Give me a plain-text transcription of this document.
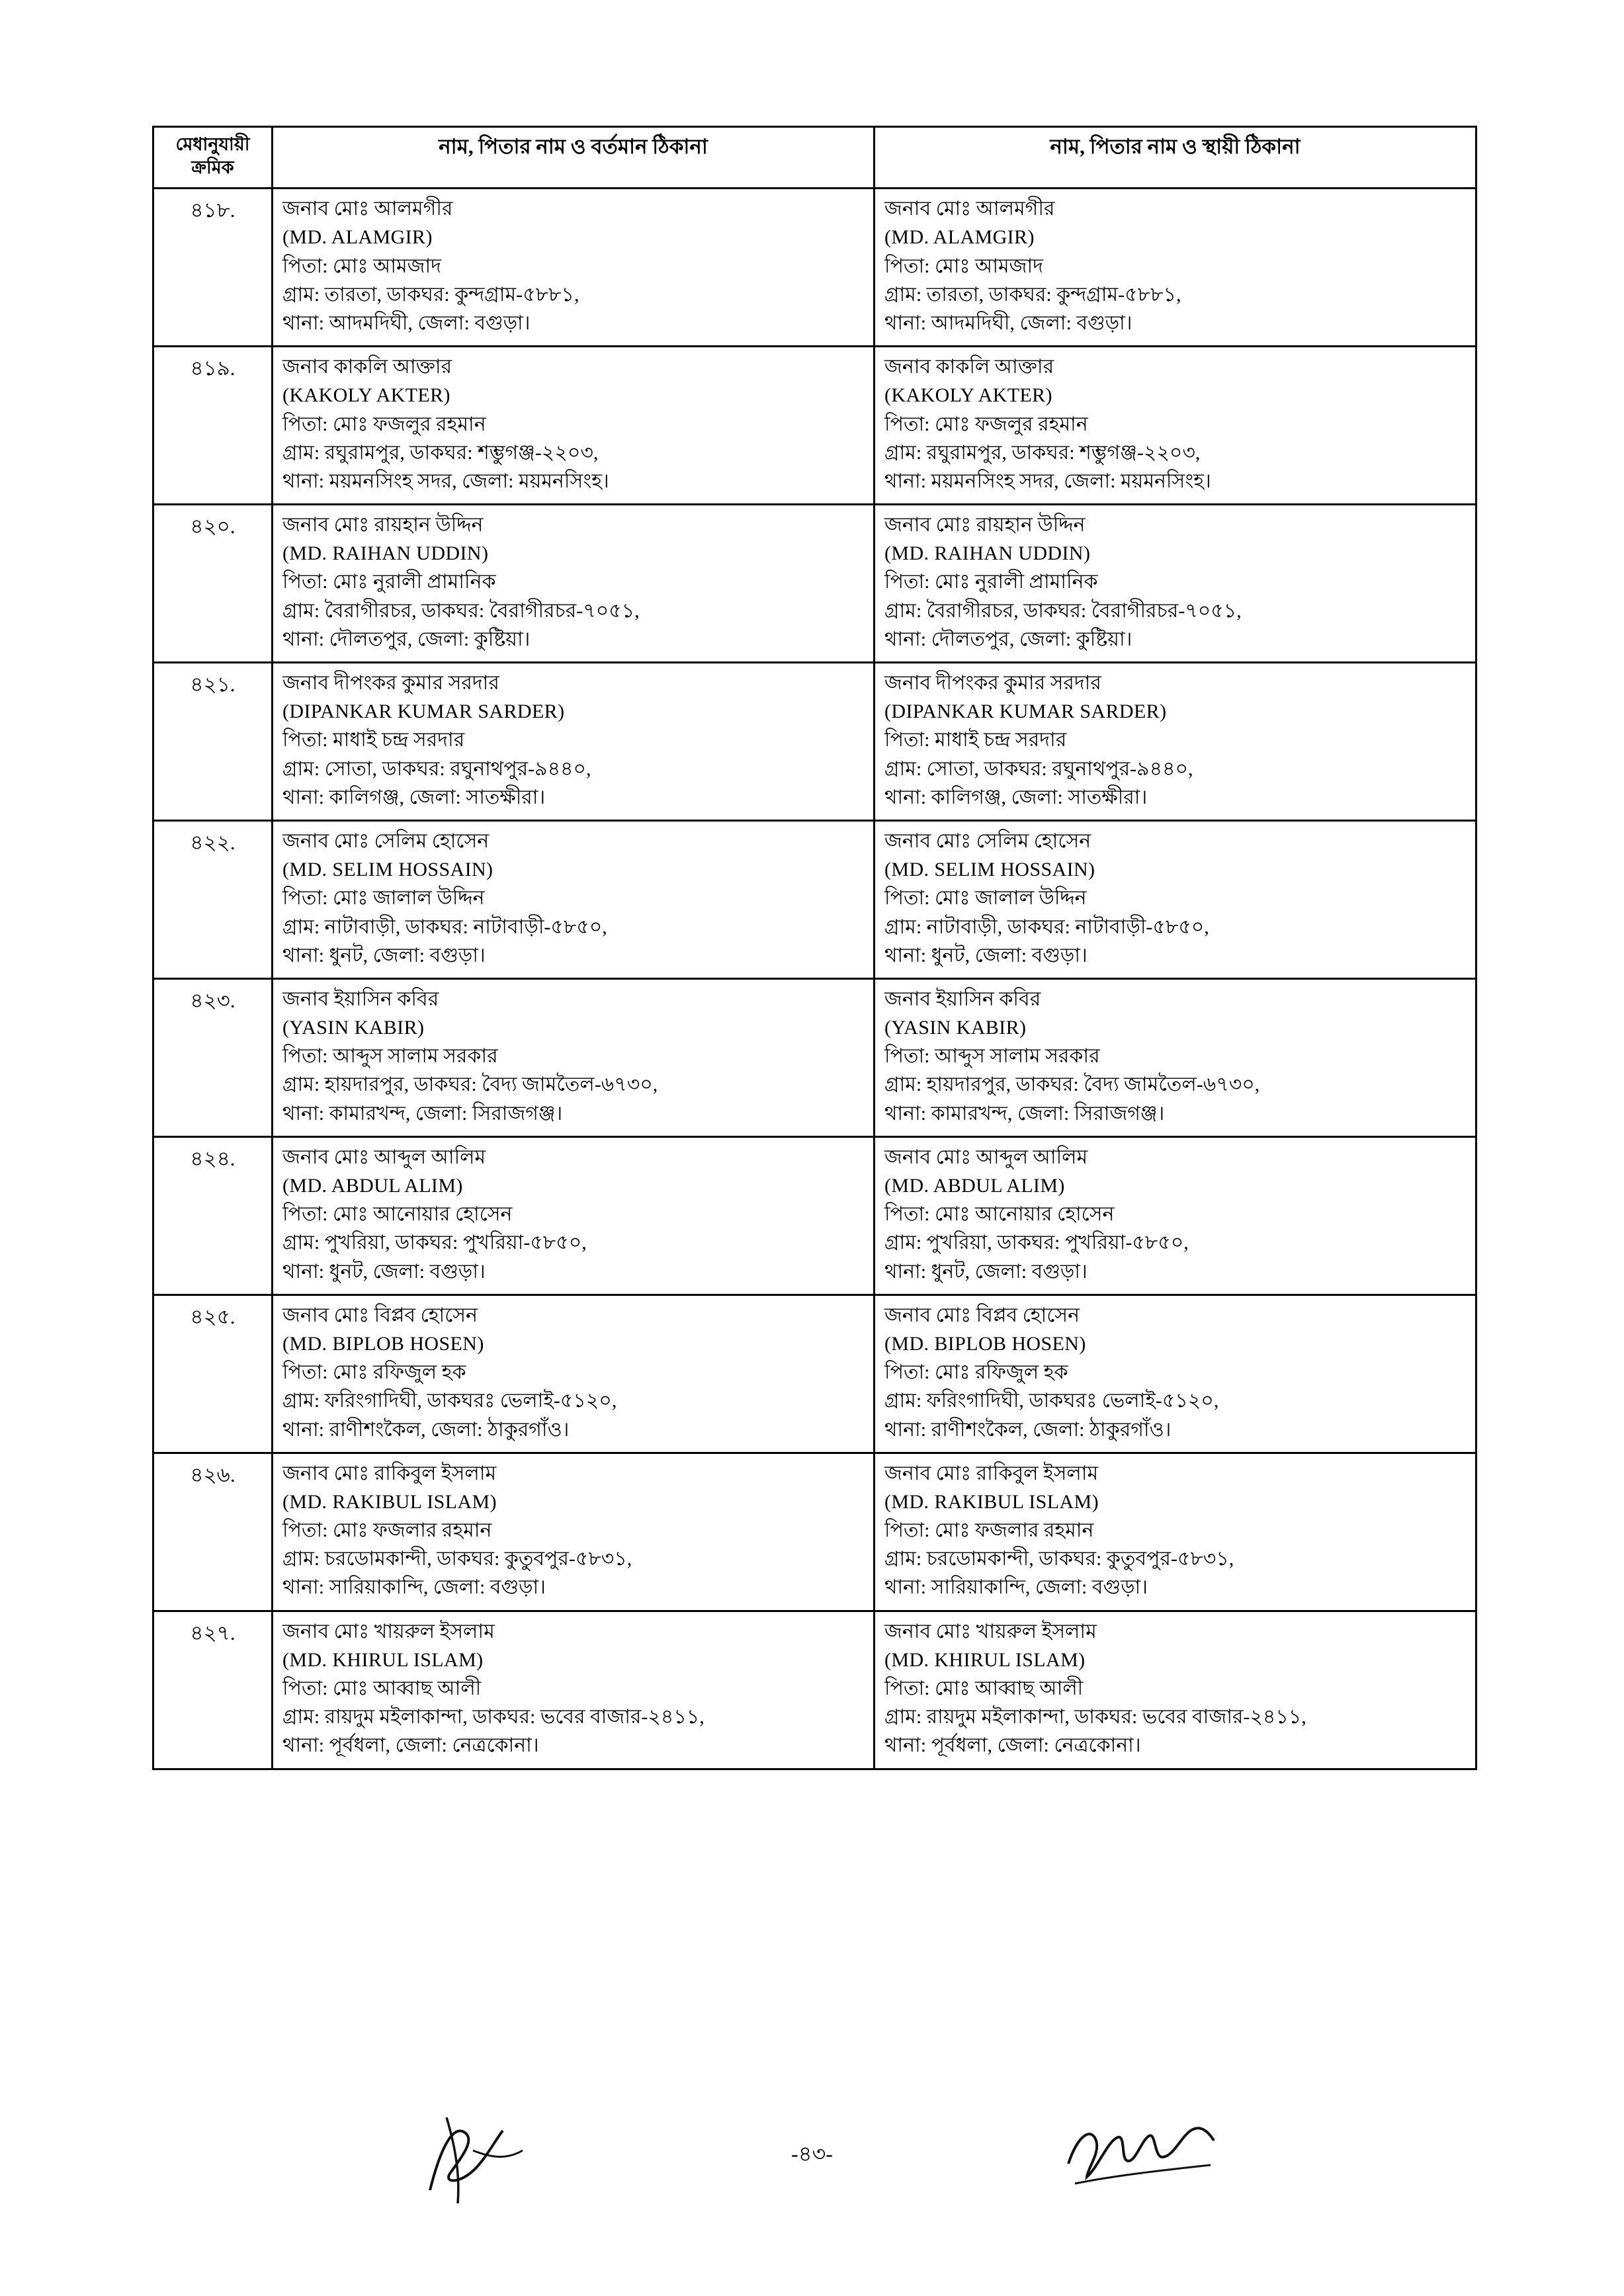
মেধানুযায়ী
ক্রমিক	নাম, পিতার নাম ও বর্তমান ঠিকানা	নাম, পিতার নাম ও স্থায়ী ঠিকানা
৪১৮.	জনাব মোঃ আলমগীর
(MD. ALAMGIR)
পিতা: মোঃ আমজাদ
গ্রাম: তারতা, ডাকঘর: কুন্দগ্রাম-৫৮৮১,
থানা: আদমদিঘী, জেলা: বগুড়া।	জনাব মোঃ আলমগীর
(MD. ALAMGIR)
পিতা: মোঃ আমজাদ
গ্রাম: তারতা, ডাকঘর: কুন্দগ্রাম-৫৮৮১,
থানা: আদমদিঘী, জেলা: বগুড়া।

৪১৯.	জনাব কাকলি আক্তার
(KAKOLY AKTER)
পিতা: মোঃ ফজলুর রহমান
গ্রাম: রঘুরামপুর, ডাকঘর: শম্ভুগঞ্জ-২২০৩,
থানা: ময়মনসিংহ সদর, জেলা: ময়মনসিংহ।	জনাব কাকলি আক্তার
(KAKOLY AKTER)
পিতা: মোঃ ফজলুর রহমান
গ্রাম: রঘুরামপুর, ডাকঘর: শম্ভুগঞ্জ-২২০৩,
থানা: ময়মনসিংহ সদর, জেলা: ময়মনসিংহ।

৪২০.	জনাব মোঃ রায়হান উদ্দিন
(MD. RAIHAN UDDIN)
পিতা: মোঃ নুরালী প্রামানিক
গ্রাম: বৈরাগীরচর, ডাকঘর: বৈরাগীরচর-৭০৫১,
থানা: দৌলতপুর, জেলা: কুষ্টিয়া।	জনাব মোঃ রায়হান উদ্দিন
(MD. RAIHAN UDDIN)
পিতা: মোঃ নুরালী প্রামানিক
গ্রাম: বৈরাগীরচর, ডাকঘর: বৈরাগীরচর-৭০৫১,
থানা: দৌলতপুর, জেলা: কুষ্টিয়া।

৪২১.	জনাব দীপংকর কুমার সরদার
(DIPANKAR KUMAR SARDER)
পিতা: মাধাই চন্দ্র সরদার
গ্রাম: সোতা, ডাকঘর: রঘুনাথপুর-৯৪৪০,
থানা: কালিগঞ্জ, জেলা: সাতক্ষীরা।	জনাব দীপংকর কুমার সরদার
(DIPANKAR KUMAR SARDER)
পিতা: মাধাই চন্দ্র সরদার
গ্রাম: সোতা, ডাকঘর: রঘুনাথপুর-৯৪৪০,
থানা: কালিগঞ্জ, জেলা: সাতক্ষীরা।

৪২২.	জনাব মোঃ সেলিম হোসেন
(MD. SELIM HOSSAIN)
পিতা: মোঃ জালাল উদ্দিন
গ্রাম: নাটাবাড়ী, ডাকঘর: নাটাবাড়ী-৫৮৫০,
থানা: ধুনট, জেলা: বগুড়া।	জনাব মোঃ সেলিম হোসেন
(MD. SELIM HOSSAIN)
পিতা: মোঃ জালাল উদ্দিন
গ্রাম: নাটাবাড়ী, ডাকঘর: নাটাবাড়ী-৫৮৫০,
থানা: ধুনট, জেলা: বগুড়া।

৪২৩.	জনাব ইয়াসিন কবির
(YASIN KABIR)
পিতা: আব্দুস সালাম সরকার
গ্রাম: হায়দারপুর, ডাকঘর: বৈদ্য জামতৈল-৬৭৩০,
থানা: কামারখন্দ, জেলা: সিরাজগঞ্জ।	জনাব ইয়াসিন কবির
(YASIN KABIR)
পিতা: আব্দুস সালাম সরকার
গ্রাম: হায়দারপুর, ডাকঘর: বৈদ্য জামতৈল-৬৭৩০,
থানা: কামারখন্দ, জেলা: সিরাজগঞ্জ।

৪২৪.	জনাব মোঃ আব্দুল আলিম
(MD. ABDUL ALIM)
পিতা: মোঃ আনোয়ার হোসেন
গ্রাম: পুখরিয়া, ডাকঘর: পুখরিয়া-৫৮৫০,
থানা: ধুনট, জেলা: বগুড়া।	জনাব মোঃ আব্দুল আলিম
(MD. ABDUL ALIM)
পিতা: মোঃ আনোয়ার হোসেন
গ্রাম: পুখরিয়া, ডাকঘর: পুখরিয়া-৫৮৫০,
থানা: ধুনট, জেলা: বগুড়া।

৪২৫.	জনাব মোঃ বিপ্লব হোসেন
(MD. BIPLOB HOSEN)
পিতা: মোঃ রফিজুল হক
গ্রাম: ফরিংগাদিঘী, ডাকঘরঃ ভেলাই-৫১২০,
থানা: রাণীশংকৈল, জেলা: ঠাকুরগাঁও।	জনাব মোঃ বিপ্লব হোসেন
(MD. BIPLOB HOSEN)
পিতা: মোঃ রফিজুল হক
গ্রাম: ফরিংগাদিঘী, ডাকঘরঃ ভেলাই-৫১২০,
থানা: রাণীশংকৈল, জেলা: ঠাকুরগাঁও।

৪২৬.	জনাব মোঃ রাকিবুল ইসলাম
(MD. RAKIBUL ISLAM)
পিতা: মোঃ ফজলার রহমান
গ্রাম: চরডোমকান্দী, ডাকঘর: কুতুবপুর-৫৮৩১,
থানা: সারিয়াকান্দি, জেলা: বগুড়া।	জনাব মোঃ রাকিবুল ইসলাম
(MD. RAKIBUL ISLAM)
পিতা: মোঃ ফজলার রহমান
গ্রাম: চরডোমকান্দী, ডাকঘর: কুতুবপুর-৫৮৩১,
থানা: সারিয়াকান্দি, জেলা: বগুড়া।

৪২৭.	জনাব মোঃ খায়রুল ইসলাম
(MD. KHIRUL ISLAM)
পিতা: মোঃ আব্বাছ আলী
গ্রাম: রায়দুম মইলাকান্দা, ডাকঘর: ভবের বাজার-২৪১১,
থানা: পূর্বধলা, জেলা: নেত্রকোনা।	জনাব মোঃ খায়রুল ইসলাম
(MD. KHIRUL ISLAM)
পিতা: মোঃ আব্বাছ আলী
গ্রাম: রায়দুম মইলাকান্দা, ডাকঘর: ভবের বাজার-২৪১১,
থানা: পূর্বধলা, জেলা: নেত্রকোনা।
-৪৩-
